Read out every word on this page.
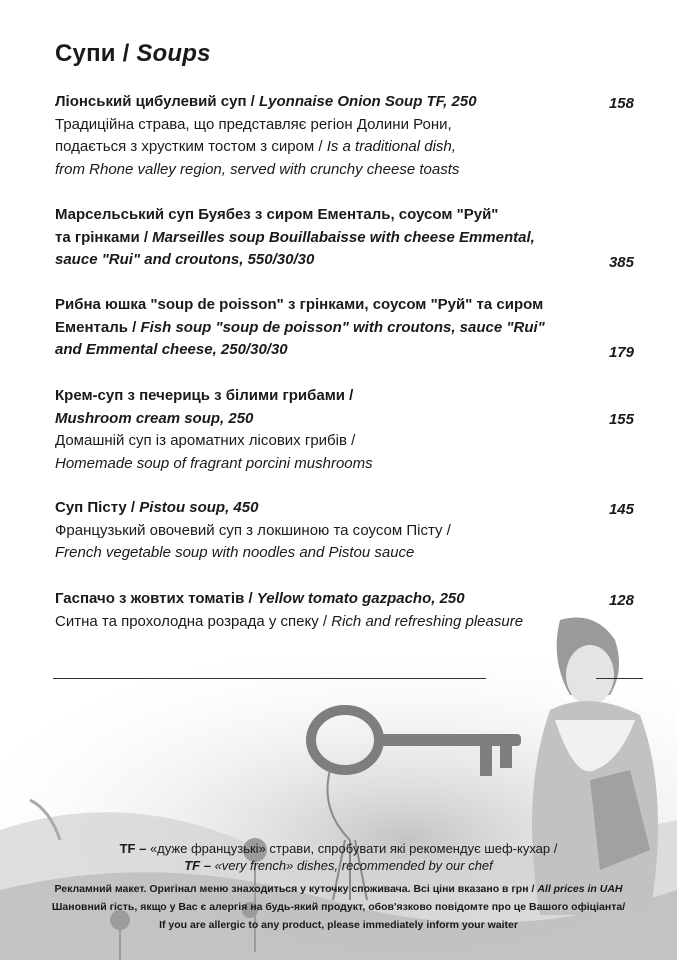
Супи / Soups
Ліонський цибулевий суп / Lyonnaise Onion Soup TF, 250
Традиційна страва, що представляє регіон Долини Рони,
подається з хрустким тостом з сиром / Is a traditional dish,
from Rhone valley region, served with crunchy cheese toasts
158
Марсельський суп Буябез з сиром Ементаль, соусом "Руй"
та грінками / Marseilles soup Bouillabaisse with cheese Emmental,
sauce "Rui" and croutons, 550/30/30	385
Рибна юшка "soup de poisson" з грінками, соусом "Руй" та сиром
Ементаль / Fish soup "soup de poisson" with croutons, sauce "Rui"
and Emmental cheese, 250/30/30	179
Крем-суп з печериць з білими грибами /
Mushroom cream soup, 250
Домашній суп із ароматних лісових грибів /
Homemade soup of fragrant porcini mushrooms
155
Суп Пісту / Pistou soup, 450
Французький овочевий суп з локшиною та соусом Пісту /
French vegetable soup with noodles and Pistou sauce
145
Гаспачо з жовтих томатів / Yellow tomato gazpacho, 250
Ситна та прохолодна розрада у спеку / Rich and refreshing pleasure
128
TF – «дуже французькі» страви, спробувати які рекомендує шеф-кухар /
TF – «very french» dishes, recommended by our chef
Рекламний макет. Оригінал меню знаходиться у куточку споживача. Всі ціни вказано в грн / All prices in UAH
Шановний гість, якщо у Вас є алергія на будь-який продукт, обов'язково повідомте про це Вашого офіціанта/
If you are allergic to any product, please immediately inform your waiter
